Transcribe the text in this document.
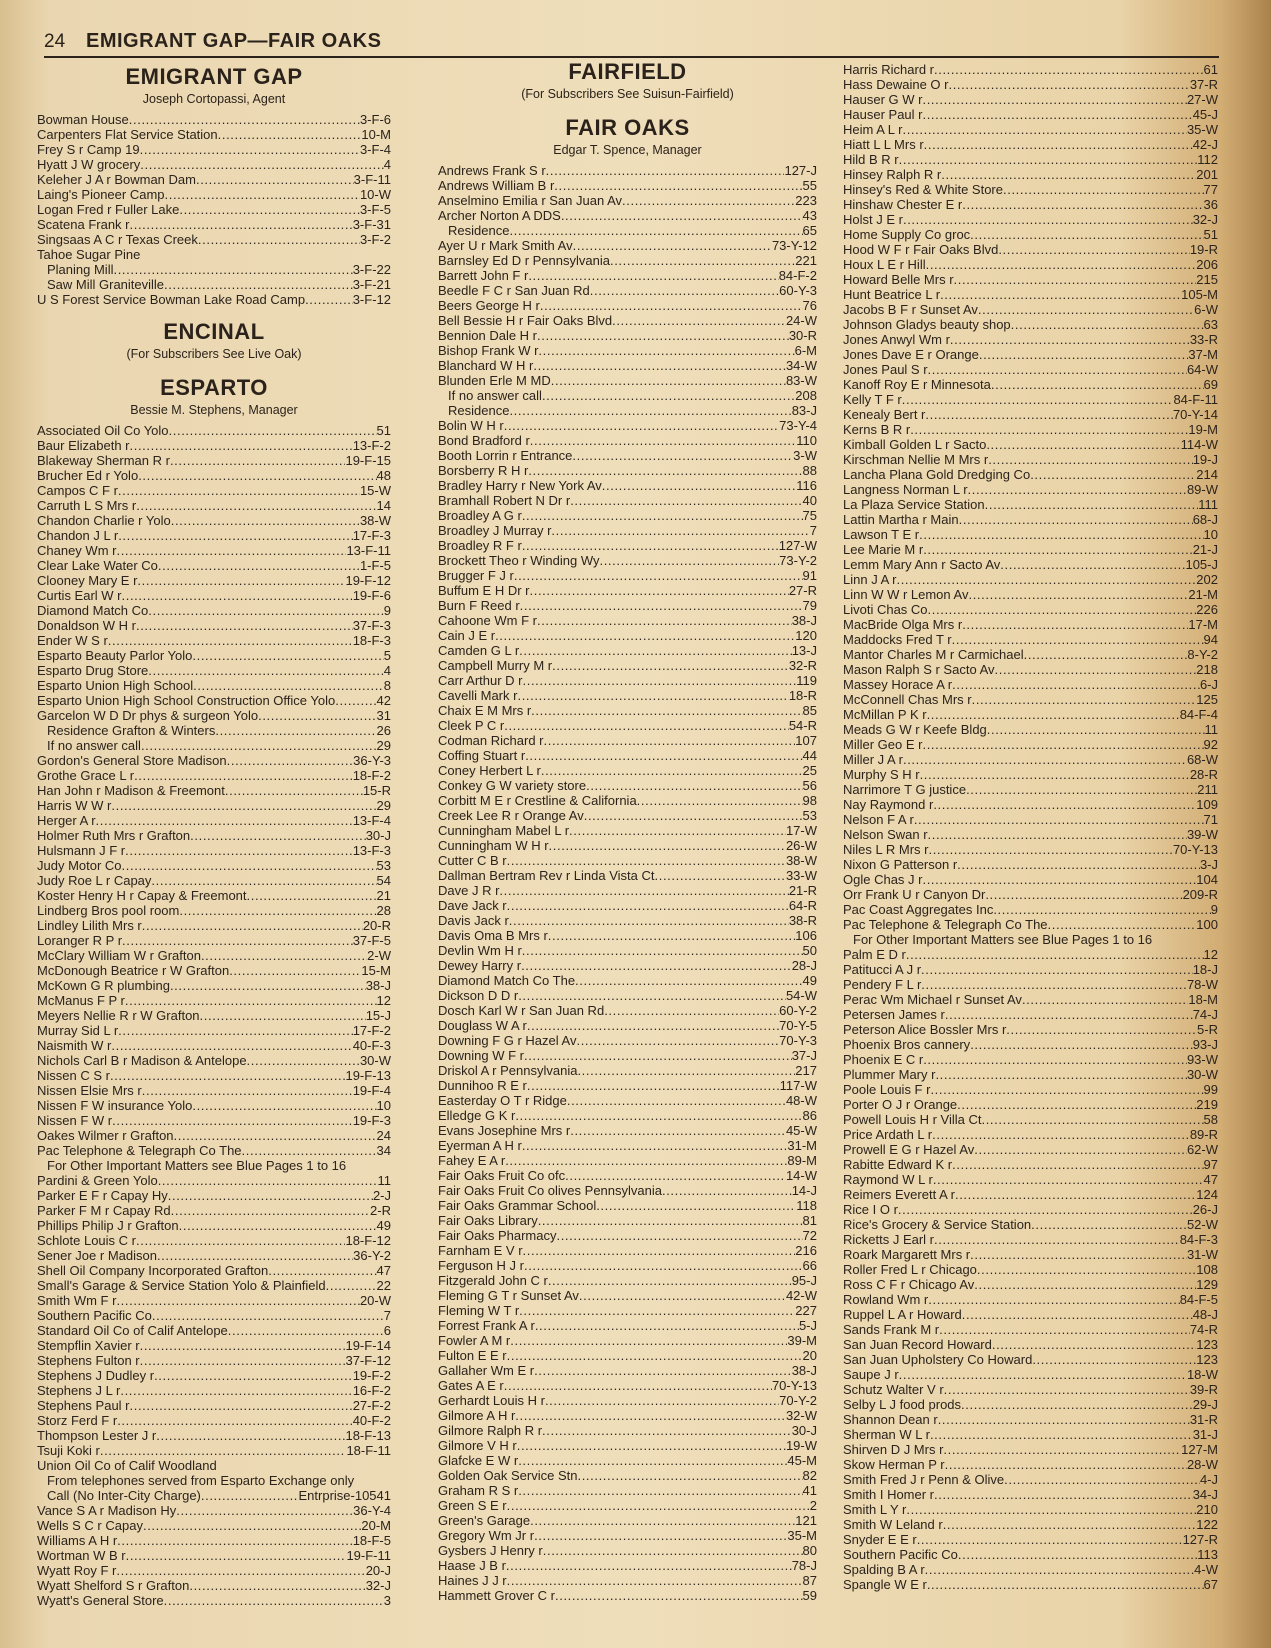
24 EMIGRANT GAP—FAIR OAKS
EMIGRANT GAP
Joseph Cortopassi, Agent
Bowman House . . .	3-F-6
Carpenters Flat Service Station . . .	10-M
Frey S r Camp 19 . . .	3-F-4
Hyatt J W grocery . . .	4
Keleher J A r Bowman Dam . . .	3-F-11
Laing's Pioneer Camp . . .	10-W
Logan Fred r Fuller Lake . . .	3-F-5
Scatena Frank r . . .	3-F-31
Singsaas A C r Texas Creek . . .	3-F-2
Tahoe Sugar Pine
Planing Mill . . .	3-F-22
Saw Mill Graniteville . . .	3-F-21
U S Forest Service Bowman Lake Road Camp . . .	3-F-12
ENCINAL
(For Subscribers See Live Oak)
ESPARTO
Bessie M. Stephens, Manager
Associated Oil Co Yolo . . .	51
Baur Elizabeth r . . .	13-F-2
Blakeway Sherman R r . . .	19-F-15
Brucher Ed r Yolo . . .	48
Campos C F r . . .	15-W
Carruth L S Mrs r . . .	14
Chandon Charlie r Yolo . . .	38-W
Chandon J L r . . .	17-F-3
Chaney Wm r . . .	13-F-11
Clear Lake Water Co . . .	1-F-5
Clooney Mary E r . . .	19-F-12
Curtis Earl W r . . .	19-F-6
Diamond Match Co . . .	9
Donaldson W H r . . .	37-F-3
Ender W S r . . .	18-F-3
Esparto Beauty Parlor Yolo . . .	5
Esparto Drug Store . . .	4
Esparto Union High School . . .	8
Esparto Union High School Construction Office Yolo . . .	42
Garcelon W D Dr phys & surgeon Yolo . . .	31
Residence Grafton & Winters . . .	26
If no answer call . . .	29
Gordon's General Store Madison . . .	36-Y-3
Grothe Grace L r . . .	18-F-2
Han John r Madison & Freemont . . .	15-R
Harris W W r . . .	29
Herger A r . . .	13-F-4
Holmer Ruth Mrs r Grafton . . .	30-J
Hulsmann J F r . . .	13-F-3
Judy Motor Co . . .	53
Judy Roe L r Capay . . .	54
Koster Henry H r Capay & Freemont . . .	21
Lindberg Bros pool room . . .	28
Lindley Lilith Mrs r . . .	20-R
Loranger R P r . . .	37-F-5
McClary William W r Grafton . . .	2-W
McDonough Beatrice r W Grafton . . .	15-M
McKown G R plumbing . . .	38-J
McManus F P r . . .	12
Meyers Nellie R r W Grafton . . .	15-J
Murray Sid L r . . .	17-F-2
Naismith W r . . .	40-F-3
Nichols Carl B r Madison & Antelope . . .	30-W
Nissen C S r . . .	19-F-13
Nissen Elsie Mrs r . . .	19-F-4
Nissen F W insurance Yolo . . .	10
Nissen F W r . . .	19-F-3
Oakes Wilmer r Grafton . . .	24
Pac Telephone & Telegraph Co The . . .	34
For Other Important Matters see Blue Pages 1 to 16
Pardini & Green Yolo . . .	11
Parker E F r Capay Hy . . .	2-J
Parker F M r Capay Rd . . .	2-R
Phillips Philip J r Grafton . . .	49
Schlote Louis C r . . .	18-F-12
Sener Joe r Madison . . .	36-Y-2
Shell Oil Company Incorporated Grafton . . .	47
Small's Garage & Service Station Yolo & Plainfield . . .	22
Smith Wm F r . . .	20-W
Southern Pacific Co . . .	7
Standard Oil Co of Calif Antelope . . .	6
Stempflin Xavier r . . .	19-F-14
Stephens Fulton r . . .	37-F-12
Stephens J Dudley r . . .	19-F-2
Stephens J L r . . .	16-F-2
Stephens Paul r . . .	27-F-2
Storz Ferd F r . . .	40-F-2
Thompson Lester J r . . .	18-F-13
Tsuji Koki r . . .	18-F-11
Union Oil Co of Calif Woodland
From telephones served from Esparto Exchange only
Call (No Inter-City Charge) . . .	Entrprise-10541
Vance S A r Madison Hy . . .	36-Y-4
Wells S C r Capay . . .	20-M
Williams A H r . . .	18-F-5
Wortman W B r . . .	19-F-11
Wyatt Roy F r . . .	20-J
Wyatt Shelford S r Grafton . . .	32-J
Wyatt's General Store . . .	3
FAIRFIELD
(For Subscribers See Suisun-Fairfield)
FAIR OAKS
Edgar T. Spence, Manager
Andrews Frank S r . . .	127-J
Andrews William B r . . .	55
Anselmino Emilia r San Juan Av . . .	223
Archer Norton A DDS . . .	43
Residence . . .	65
Ayer U r Mark Smith Av . . .	73-Y-12
Barnsley Ed D r Pennsylvania . . .	221
Barrett John F r . . .	84-F-2
Beedle F C r San Juan Rd . . .	60-Y-3
Beers George H r . . .	76
Bell Bessie H r Fair Oaks Blvd . . .	24-W
Bennion Dale H r . . .	30-R
Bishop Frank W r . . .	6-M
Blanchard W H r . . .	34-W
Blunden Erle M MD . . .	83-W
If no answer call . . .	208
Residence . . .	83-J
Bolin W H r . . .	73-Y-4
Bond Bradford r . . .	110
Booth Lorrin r Entrance . . .	3-W
Borsberry R H r . . .	88
Bradley Harry r New York Av . . .	116
Bramhall Robert N Dr r . . .	40
Broadley A G r . . .	75
Broadley J Murray r . . .	7
Broadley R F r . . .	127-W
Brockett Theo r Winding Wy . . .	73-Y-2
Brugger F J r . . .	91
Buffum E H Dr r . . .	27-R
Burn F Reed r . . .	79
Cahoone Wm F r . . .	38-J
Cain J E r . . .	120
Camden G L r . . .	13-J
Campbell Murry M r . . .	32-R
Carr Arthur D r . . .	119
Cavelli Mark r . . .	18-R
Chaix E M Mrs r . . .	85
Cleek P C r . . .	54-R
Codman Richard r . . .	107
Coffing Stuart r . . .	44
Coney Herbert L r . . .	25
Conkey G W variety store . . .	56
Corbitt M E r Crestline & California . . .	98
Creek Lee R r Orange Av . . .	53
Cunningham Mabel L r . . .	17-W
Cunningham W H r . . .	26-W
Cutter C B r . . .	38-W
Dallman Bertram Rev r Linda Vista Ct . . .	33-W
Dave J R r . . .	21-R
Dave Jack r . . .	64-R
Davis Jack r . . .	38-R
Davis Oma B Mrs r . . .	106
Devlin Wm H r . . .	50
Dewey Harry r . . .	28-J
Diamond Match Co The . . .	49
Dickson D D r . . .	54-W
Dosch Karl W r San Juan Rd . . .	60-Y-2
Douglass W A r . . .	70-Y-5
Downing F G r Hazel Av . . .	70-Y-3
Downing W F r . . .	37-J
Driskol A r Pennsylvania . . .	217
Dunnihoo R E r . . .	117-W
Easterday O T r Ridge . . .	48-W
Elledge G K r . . .	86
Evans Josephine Mrs r . . .	45-W
Eyerman A H r . . .	31-M
Fahey E A r . . .	89-M
Fair Oaks Fruit Co ofc . . .	14-W
Fair Oaks Fruit Co olives Pennsylvania . . .	14-J
Fair Oaks Grammar School . . .	118
Fair Oaks Library . . .	81
Fair Oaks Pharmacy . . .	72
Farnham E V r . . .	216
Ferguson H J r . . .	66
Fitzgerald John C r . . .	95-J
Fleming G T r Sunset Av . . .	42-W
Fleming W T r . . .	227
Forrest Frank A r . . .	5-J
Fowler A M r . . .	39-M
Fulton E E r . . .	20
Gallaher Wm E r . . .	38-J
Gates A E r . . .	70-Y-13
Gerhardt Louis H r . . .	70-Y-2
Gilmore A H r . . .	32-W
Gilmore Ralph R r . . .	30-J
Gilmore V H r . . .	19-W
Glafcke E W r . . .	45-M
Golden Oak Service Stn . . .	82
Graham R S r . . .	41
Green S E r . . .	2
Green's Garage . . .	121
Gregory Wm Jr r . . .	35-M
Gysbers J Henry r . . .	80
Haase J B r . . .	78-J
Haines J J r . . .	87
Hammett Grover C r . . .	59
Harris Richard r . . .	61
Hass Dewaine O r . . .	37-R
Hauser G W r . . .	27-W
Hauser Paul r . . .	45-J
Heim A L r . . .	35-W
Hiatt L L Mrs r . . .	42-J
Hild B R r . . .	112
Hinsey Ralph R r . . .	201
Hinsey's Red & White Store . . .	77
Hinshaw Chester E r . . .	36
Holst J E r . . .	32-J
Home Supply Co groc . . .	51
Hood W F r Fair Oaks Blvd . . .	19-R
Houx L E r Hill . . .	206
Howard Belle Mrs r . . .	215
Hunt Beatrice L r . . .	105-M
Jacobs B F r Sunset Av . . .	6-W
Johnson Gladys beauty shop . . .	63
Jones Anwyl Wm r . . .	33-R
Jones Dave E r Orange . . .	37-M
Jones Paul S r . . .	64-W
Kanoff Roy E r Minnesota . . .	69
Kelly T F r . . .	84-F-11
Kenealy Bert r . . .	70-Y-14
Kerns B R r . . .	19-M
Kimball Golden L r Sacto . . .	114-W
Kirschman Nellie M Mrs r . . .	19-J
Lancha Plana Gold Dredging Co . . .	214
Langness Norman L r . . .	89-W
La Plaza Service Station . . .	111
Lattin Martha r Main . . .	68-J
Lawson T E r . . .	10
Lee Marie M r . . .	21-J
Lemm Mary Ann r Sacto Av . . .	105-J
Linn J A r . . .	202
Linn W W r Lemon Av . . .	21-M
Livoti Chas Co . . .	226
MacBride Olga Mrs r . . .	17-M
Maddocks Fred T r . . .	94
Mantor Charles M r Carmichael . . .	8-Y-2
Mason Ralph S r Sacto Av . . .	218
Massey Horace A r . . .	6-J
McConnell Chas Mrs r . . .	125
McMillan P K r . . .	84-F-4
Meads G W r Keefe Bldg . . .	11
Miller Geo E r . . .	92
Miller J A r . . .	68-W
Murphy S H r . . .	28-R
Narrimore T G justice . . .	211
Nay Raymond r . . .	109
Nelson F A r . . .	71
Nelson Swan r . . .	39-W
Niles L R Mrs r . . .	70-Y-13
Nixon G Patterson r . . .	3-J
Ogle Chas J r . . .	104
Orr Frank U r Canyon Dr . . .	209-R
Pac Coast Aggregates Inc . . .	9
Pac Telephone & Telegraph Co The . . .	100
For Other Important Matters see Blue Pages 1 to 16
Palm E D r . . .	12
Patitucci A J r . . .	18-J
Pendery F L r . . .	78-W
Perac Wm Michael r Sunset Av . . .	18-M
Petersen James r . . .	74-J
Peterson Alice Bossler Mrs r . . .	5-R
Phoenix Bros cannery . . .	93-J
Phoenix E C r . . .	93-W
Plummer Mary r . . .	30-W
Poole Louis F r . . .	99
Porter O J r Orange . . .	219
Powell Louis H r Villa Ct . . .	58
Price Ardath L r . . .	89-R
Prowell E G r Hazel Av . . .	62-W
Rabitte Edward K r . . .	97
Raymond W L r . . .	47
Reimers Everett A r . . .	124
Rice I O r . . .	26-J
Rice's Grocery & Service Station . . .	52-W
Ricketts J Earl r . . .	84-F-3
Roark Margarett Mrs r . . .	31-W
Roller Fred L r Chicago . . .	108
Ross C F r Chicago Av . . .	129
Rowland Wm r . . .	84-F-5
Ruppel L A r Howard . . .	48-J
Sands Frank M r . . .	74-R
San Juan Record Howard . . .	123
San Juan Upholstery Co Howard . . .	123
Saupe J r . . .	18-W
Schutz Walter V r . . .	39-R
Selby L J food prods . . .	29-J
Shannon Dean r . . .	31-R
Sherman W L r . . .	31-J
Shirven D J Mrs r . . .	127-M
Skow Herman P r . . .	28-W
Smith Fred J r Penn & Olive . . .	4-J
Smith I Homer r . . .	34-J
Smith L Y r . . .	210
Smith W Leland r . . .	122
Snyder E E r . . .	127-R
Southern Pacific Co . . .	113
Spalding B A r . . .	4-W
Spangle W E r . . .	67
